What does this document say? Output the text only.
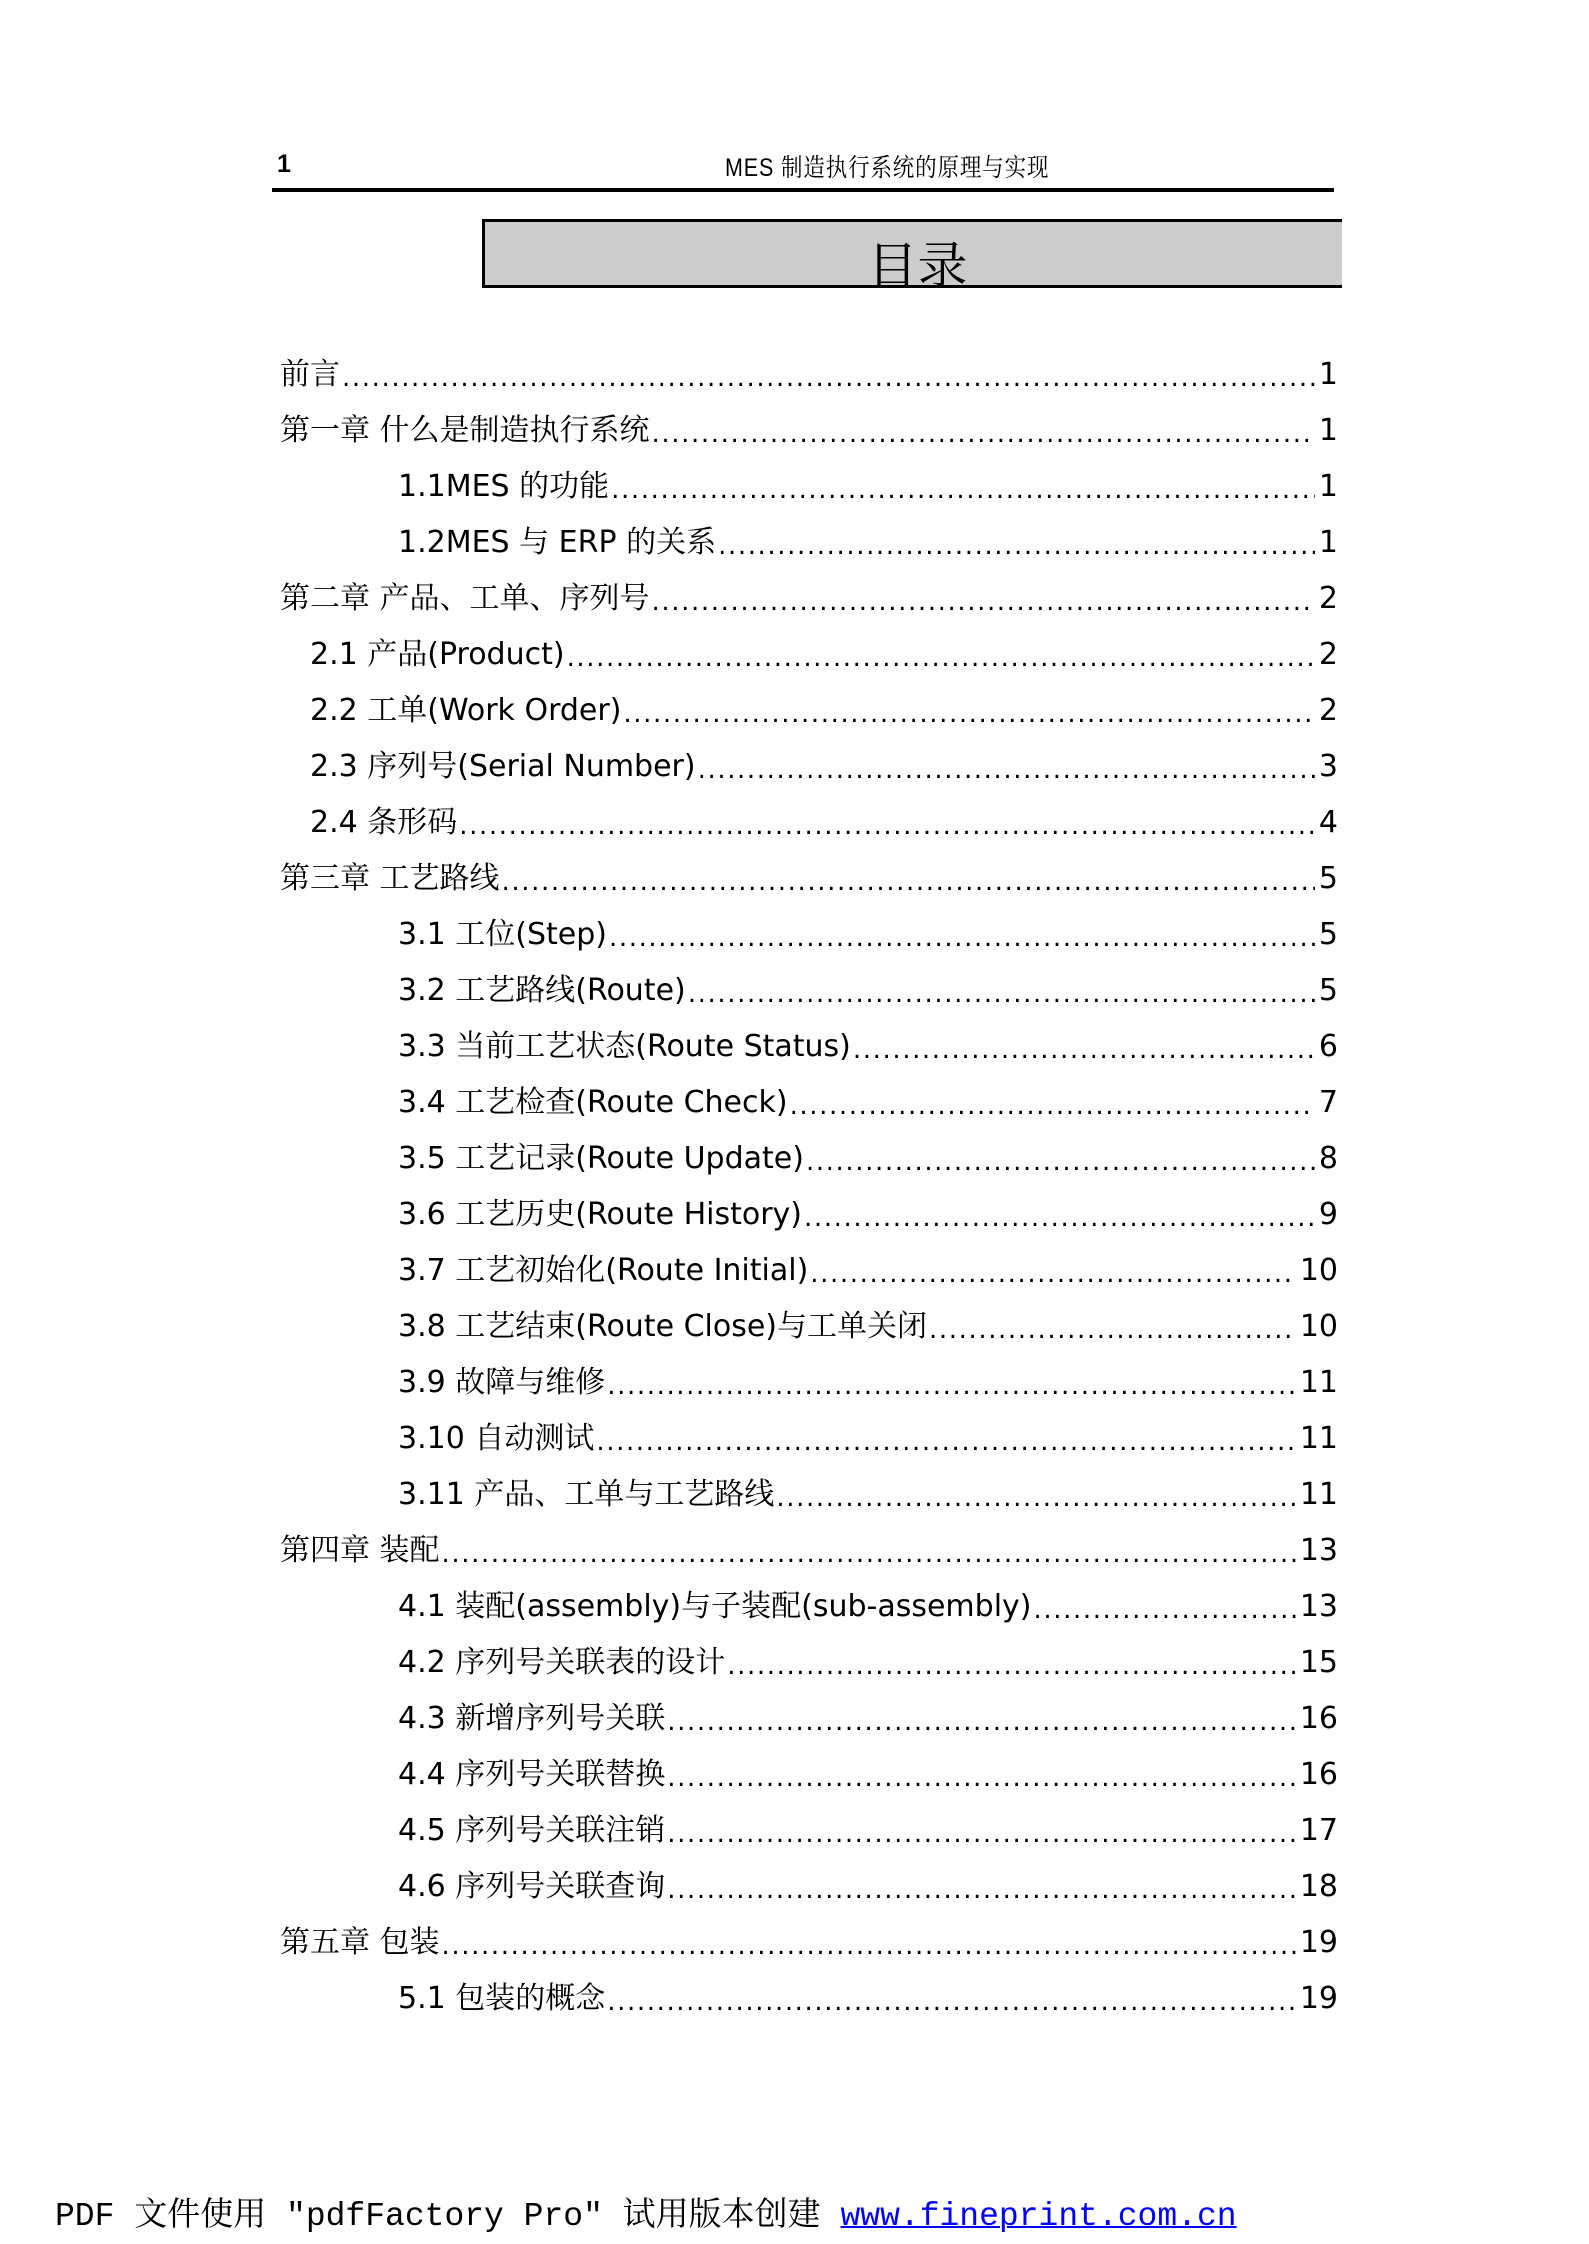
1	MES 制造执行系统的原理与实现
目录
前言 .....	1
第一章 什么是制造执行系统 .....	1
1.1MES 的功能 .....	1
1.2MES 与 ERP 的关系 .....	1
第二章 产品、工单、序列号 .....	2
2.1 产品(Product) .....	2
2.2 工单(Work Order) .....	2
2.3 序列号(Serial Number) .....	3
2.4 条形码 .....	4
第三章 工艺路线 .....	5
3.1 工位(Step) .....	5
3.2 工艺路线(Route) .....	5
3.3 当前工艺状态(Route Status) .....	6
3.4 工艺检查(Route Check) .....	7
3.5 工艺记录(Route Update) .....	8
3.6 工艺历史(Route History) .....	9
3.7 工艺初始化(Route Initial) .....	10
3.8 工艺结束(Route Close)与工单关闭 .....	10
3.9 故障与维修 .....	11
3.10 自动测试 .....	11
3.11 产品、工单与工艺路线 .....	11
第四章 装配 .....	13
4.1 装配(assembly)与子装配(sub-assembly) .....	13
4.2 序列号关联表的设计 .....	15
4.3 新增序列号关联 .....	16
4.4 序列号关联替换 .....	16
4.5 序列号关联注销 .....	17
4.6 序列号关联查询 .....	18
第五章 包装 .....	19
5.1 包装的概念 .....	19
PDF 文件使用 "pdfFactory Pro" 试用版本创建 www.fineprint.com.cn
